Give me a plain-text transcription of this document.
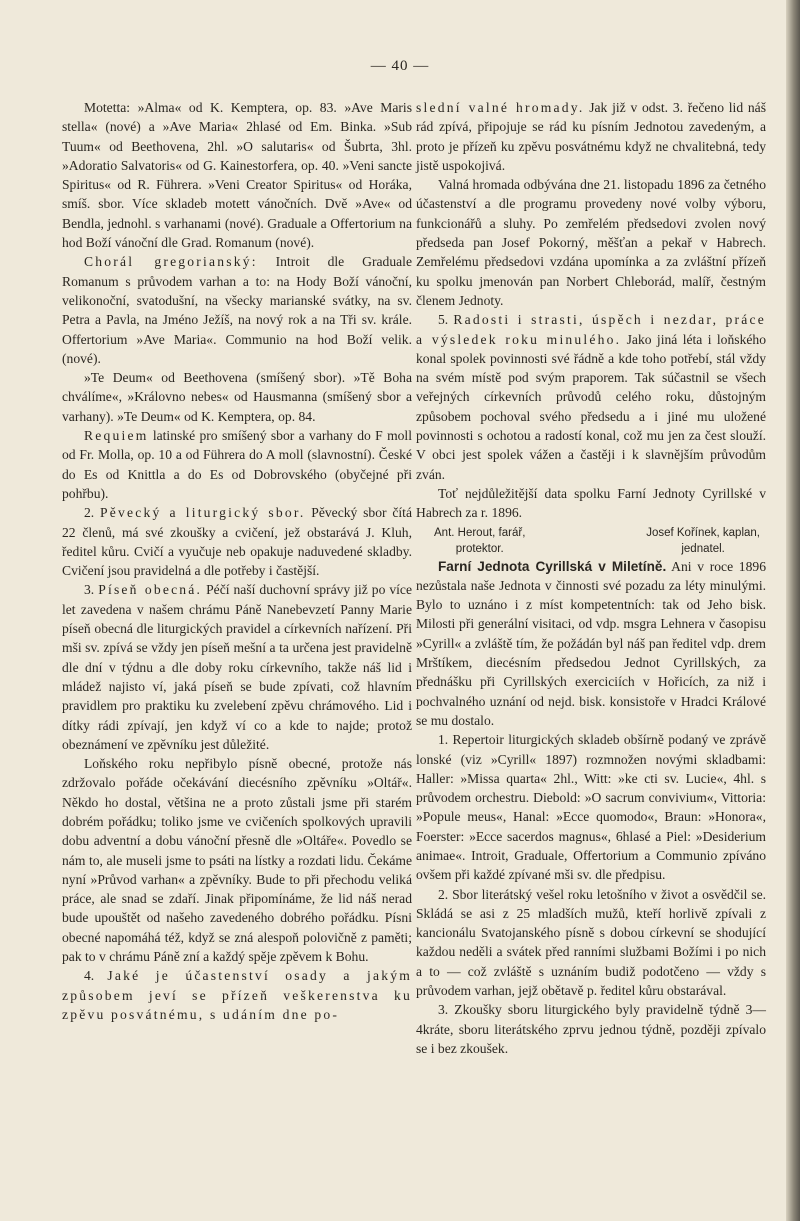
— 40 —

Motetta: »Alma« od K. Kemptera, op. 83. »Ave Maris stella« (nové) a »Ave Maria« 2hlasé od Em. Binka. »Sub Tuum« od Beethovena, 2hl. »O salutaris« od Šubrta, 3hl. »Adoratio Salvatoris« od G. Kainestorfera, op. 40. »Veni sancte Spiritus« od R. Führera. »Veni Creator Spiritus« od Horáka, smíš. sbor. Více skladeb motett vánočních. Dvě »Ave« od Bendla, jednohl. s varhanami (nové). Graduale a Offertorium na hod Boží vánoční dle Grad. Romanum (nové).

Chorál gregorianský: Introit dle Graduale Romanum s průvodem varhan a to: na Hody Boží vánoční, velikonoční, svatodušní, na všecky marianské svátky, na sv. Petra a Pavla, na Jméno Ježíš, na nový rok a na Tři sv. krále. Offertorium »Ave Maria«. Communio na hod Boží velik. (nové).

»Te Deum« od Beethovena (smíšený sbor). »Tě Boha chválíme«, »Královno nebes« od Hausmanna (smíšený sbor a varhany). »Te Deum« od K. Kemptera, op. 84.

Requiem latinské pro smíšený sbor a varhany do F moll od Fr. Molla, op. 10 a od Führera do A moll (slavnostní). České do Es od Knittla a do Es od Dobrovského (obyčejné při pohřbu).

2. Pěvecký a liturgický sbor. Pěvecký sbor čítá 22 členů, má své zkoušky a cvičení, jež obstarává J. Kluh, ředitel kůru. Cvičí a vyučuje neb opakuje naduvedené skladby. Cvičení jsou pravidelná a dle potřeby i častější.

3. Píseň obecná. Péčí naší duchovní správy již po více let zavedena v našem chrámu Páně Nanebevzetí Panny Marie píseň obecná dle liturgických pravidel a církevních nařízení. Při mši sv. zpívá se vždy jen píseň mešní a ta určena jest pravidelně dle dní v týdnu a dle doby roku církevního, takže náš lid i mládež najisto ví, jaká píseň se bude zpívati, což hlavním pravidlem pro praktiku ku zvelebení zpěvu chrámového. Lid i dítky rádi zpívají, jen když ví co a kde to najde; protož obeznámení ve zpěvníku jest důležité.

Loňského roku nepřibylo písně obecné, protože nás zdržovalo pořáde očekávání diecésního zpěvníku »Oltář«. Někdo ho dostal, většina ne a proto zůstali jsme při starém dobrém pořádku; toliko jsme ve cvičeních spolkových upravili dobu adventní a dobu vánoční přesně dle »Oltáře«. Povedlo se nám to, ale museli jsme to psáti na lístky a rozdati lidu. Čekáme nyní »Průvod varhan« a zpěvníky. Bude to při přechodu veliká práce, ale snad se zdaří. Jinak připomínáme, že lid náš nerad bude upouštět od našeho zavedeného dobrého pořádku. Písni obecné napomáhá též, když se zná alespoň polovičně z paměti; pak to v chrámu Páně zní a každý spěje zpěvem k Bohu.

4. Jaké je účastenství osady a jakým způsobem jeví se přízeň veškerenstva ku zpěvu posvátnému, s udáním dne po-

slední valné hromady. Jak již v odst. 3. řečeno lid náš rád zpívá, připojuje se rád ku písním Jednotou zavedeným, a proto je přízeň ku zpěvu posvátnému když ne chvalitebná, tedy jistě uspokojivá.

Valná hromada odbývána dne 21. listopadu 1896 za četného účastenství a dle programu provedeny nové volby výboru, funkcionářů a sluhy. Po zemřelém předsedovi zvolen nový předseda pan Josef Pokorný, měšťan a pekař v Habrech. Zemřelému předsedovi vzdána upomínka a za zvláštní přízeň ku spolku jmenován pan Norbert Chleborád, malíř, čestným členem Jednoty.

5. Radosti i strasti, úspěch i nezdar, práce a výsledek roku minulého. Jako jiná léta i loňského konal spolek povinnosti své řádně a kde toho potřebí, stál vždy na svém místě pod svým praporem. Tak súčastnil se všech veřejných církevních průvodů celého roku, důstojným způsobem pochoval svého předsedu a i jiné mu uložené povinnosti s ochotou a radostí konal, což mu jen za čest slouží. V obci jest spolek vážen a častěji i k slavnějším průvodům zván.

Toť nejdůležitější data spolku Farní Jednoty Cyrillské v Habrech za r. 1896.

Ant. Herout, farář,
protektor.
Josef Kořínek, kaplan,
jednatel.

Farní Jednota Cyrillská v Miletíně. Ani v roce 1896 nezůstala naše Jednota v činnosti své pozadu za léty minulými. Bylo to uznáno i z míst kompetentních: tak od Jeho bisk. Milosti při generální visitaci, od vdp. msgra Lehnera v časopisu »Cyrill« a zvláště tím, že požádán byl náš pan ředitel vdp. drem Mrštíkem, diecésním předsedou Jednot Cyrillských, za přednášku při Cyrillských exerciciích v Hořicích, za niž i pochvalného uznání od nejd. bisk. konsistoře v Hradci Králové se mu dostalo.

1. Repertoir liturgických skladeb obšírně podaný ve zprávě lonské (viz »Cyrill« 1897) rozmnožen novými skladbami: Haller: »Missa quarta« 2hl., Witt: »ke cti sv. Lucie«, 4hl. s průvodem orchestru. Diebold: »O sacrum convivium«, Vittoria: »Popule meus«, Hanal: »Ecce quomodo«, Braun: »Honora«, Foerster: »Ecce sacerdos magnus«, 6hlasé a Piel: »Desiderium animae«. Introit, Graduale, Offertorium a Communio zpíváno ovšem při každé zpívané mši sv. dle předpisu.

2. Sbor literátský vešel roku letošního v život a osvědčil se. Skládá se asi z 25 mladších mužů, kteří horlivě zpívali z kancionálu Svatojanského písně s dobou církevní se shodující každou neděli a svátek před ranními službami Božími i po nich a to — což zvláště s uznáním budiž podotčeno — vždy s průvodem varhan, jejž obětavě p. ředitel kůru obstarával.

3. Zkoušky sboru liturgického byly pravidelně týdně 3—4kráte, sboru literátského zprvu jednou týdně, později zpívalo se i bez zkoušek.
